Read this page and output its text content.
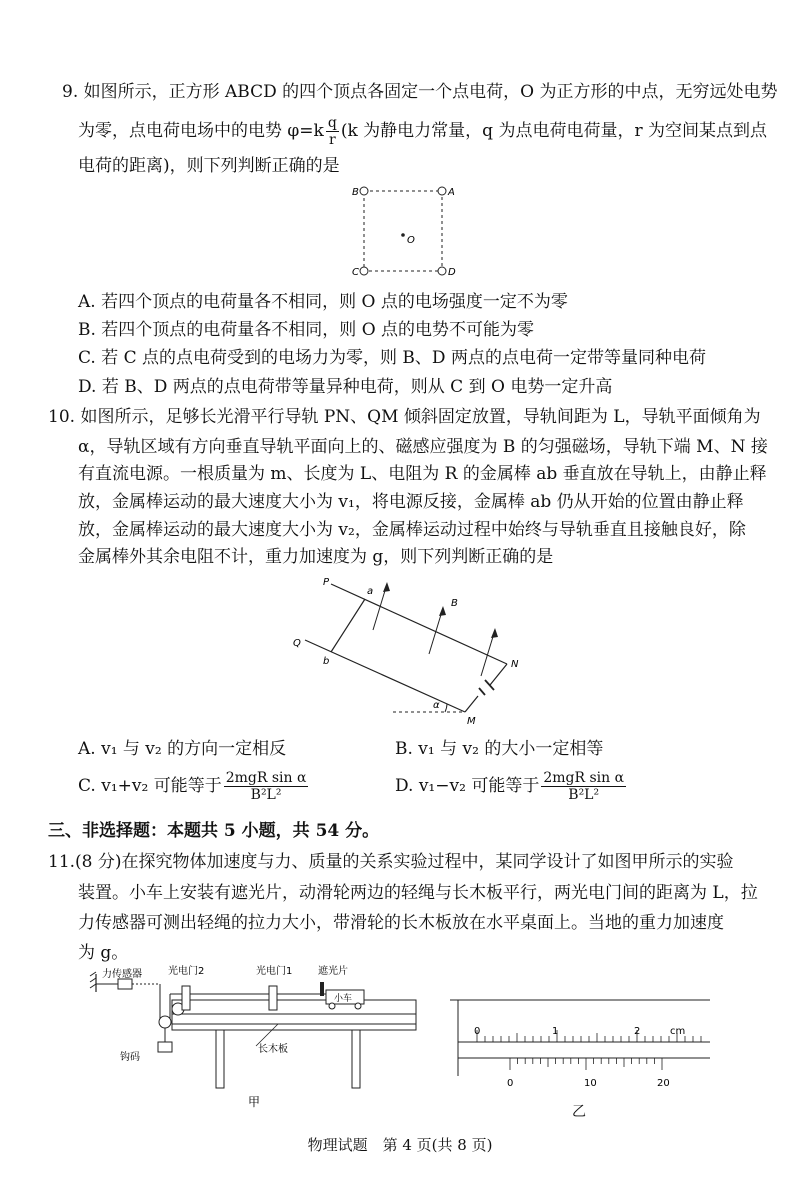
9. 如图所示，正方形 ABCD 的四个顶点各固定一个点电荷，O 为正方形的中点，无穷远处电势
为零，点电荷电场中的电势 $\varphi=k \frac{q}{r} (k$ 为静电力常量，q 为点电荷电荷量，r 为空间某点到点
电荷的距离)，则下列判断正确的是
B	A
C	D
O
A. 若四个顶点的电荷量各不相同，则 O 点的电场强度一定不为零
B. 若四个顶点的电荷量各不相同，则 O 点的电势不可能为零
C. 若 C 点的点电荷受到的电场力为零，则 B、D 两点的点电荷一定带等量同种电荷
D. 若 B、D 两点的点电荷带等量异种电荷，则从 C 到 O 电势一定升高
10. 如图所示，足够长光滑平行导轨 PN、QM 倾斜固定放置，导轨间距为 L，导轨平面倾角为
α，导轨区域有方向垂直导轨平面向上的、磁感应强度为 B 的匀强磁场，导轨下端 M、N 接
有直流电源。一根质量为 m、长度为 L、电阻为 R 的金属棒 ab 垂直放在导轨上，由静止释
放，金属棒运动的最大速度大小为 v₁，将电源反接，金属棒 ab 仍从开始的位置由静止释
放，金属棒运动的最大速度大小为 v₂，金属棒运动过程中始终与导轨垂直且接触良好，除
金属棒外其余电阻不计，重力加速度为 g，则下列判断正确的是
P
Q
a
b
B
N
M
α
A. v₁ 与 v₂ 的方向一定相反	B. v₁ 与 v₂ 的大小一定相等
C. v₁+v₂ 可能等于 $\frac{\text{2mgR sin α}}{\text{B²L²}}$	D. v₁−v₂ 可能等于 $\frac{\text{2mgR sin α}}{\text{B²L²}}$
三、非选择题：本题共 5 小题，共 54 分。
11.(8 分)在探究物体加速度与力、质量的关系实验过程中，某同学设计了如图甲所示的实验
装置。小车上安装有遮光片，动滑轮两边的轻绳与长木板平行，两光电门间的距离为 L，拉
力传感器可测出轻绳的拉力大小，带滑轮的长木板放在水平桌面上。当地的重力加速度
为 g。
力传感器	光电门2	光电门1	遮光片
小车
钩码
长木板
甲
0	1	2	cm
0	10	20
乙
物理试题　第 4 页(共 8 页)
